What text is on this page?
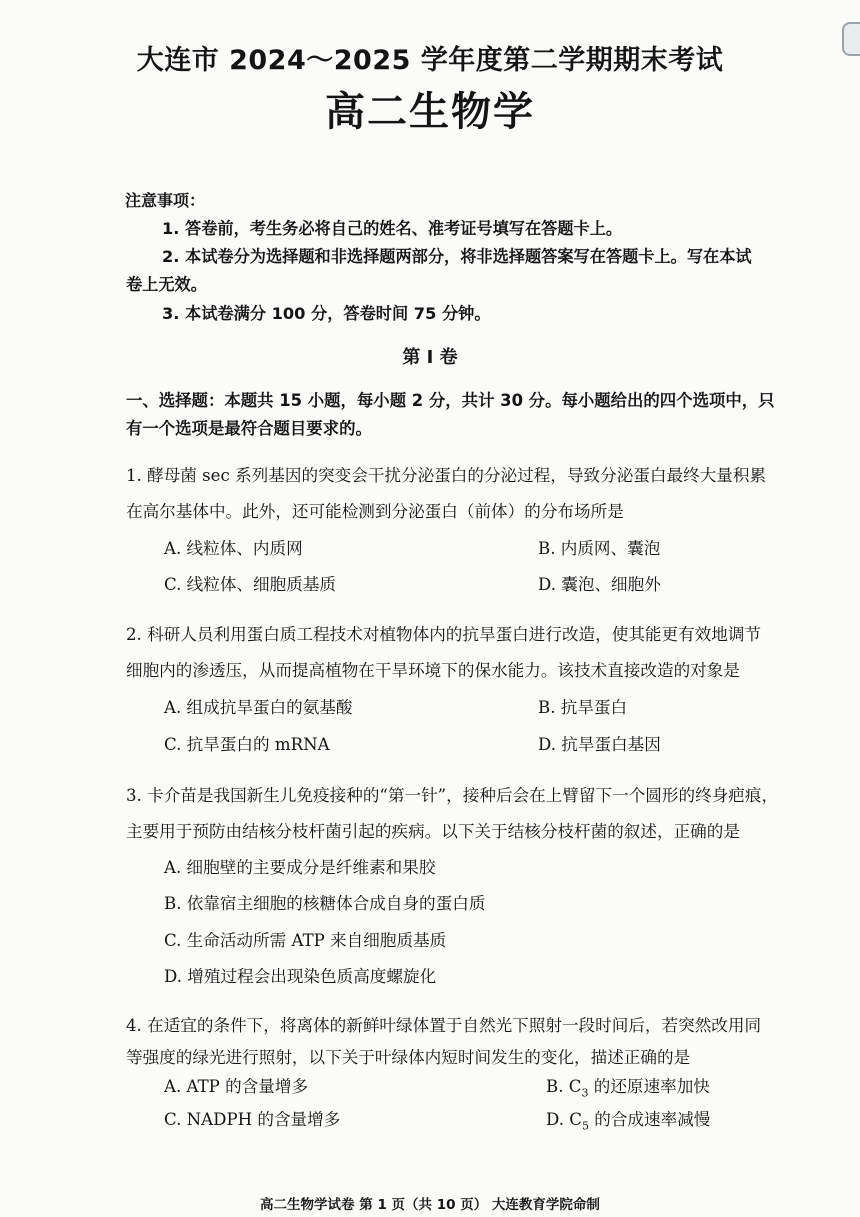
大连市 2024～2025 学年度第二学期期末考试
高二生物学
注意事项：
1. 答卷前，考生务必将自己的姓名、准考证号填写在答题卡上。
2. 本试卷分为选择题和非选择题两部分，将非选择题答案写在答题卡上。写在本试
卷上无效。
3. 本试卷满分 100 分，答卷时间 75 分钟。
第 I 卷
一、选择题：本题共 15 小题，每小题 2 分，共计 30 分。每小题给出的四个选项中，只
有一个选项是最符合题目要求的。
1. 酵母菌 sec 系列基因的突变会干扰分泌蛋白的分泌过程，导致分泌蛋白最终大量积累
在高尔基体中。此外，还可能检测到分泌蛋白（前体）的分布场所是
A. 线粒体、内质网	B. 内质网、囊泡
C. 线粒体、细胞质基质	D. 囊泡、细胞外
2. 科研人员利用蛋白质工程技术对植物体内的抗旱蛋白进行改造，使其能更有效地调节
细胞内的渗透压，从而提高植物在干旱环境下的保水能力。该技术直接改造的对象是
A. 组成抗旱蛋白的氨基酸	B. 抗旱蛋白
C. 抗旱蛋白的 mRNA	D. 抗旱蛋白基因
3. 卡介苗是我国新生儿免疫接种的“第一针”，接种后会在上臂留下一个圆形的终身疤痕，
主要用于预防由结核分枝杆菌引起的疾病。以下关于结核分枝杆菌的叙述，正确的是
A. 细胞壁的主要成分是纤维素和果胶
B. 依靠宿主细胞的核糖体合成自身的蛋白质
C. 生命活动所需 ATP 来自细胞质基质
D. 增殖过程会出现染色质高度螺旋化
4. 在适宜的条件下，将离体的新鲜叶绿体置于自然光下照射一段时间后，若突然改用同
等强度的绿光进行照射，以下关于叶绿体内短时间发生的变化，描述正确的是
A. ATP 的含量增多	B. $C_3$ 的还原速率加快
C. NADPH 的含量增多	D. $C_5$ 的合成速率减慢
高二生物学试卷 第 1 页（共 10 页） 大连教育学院命制
